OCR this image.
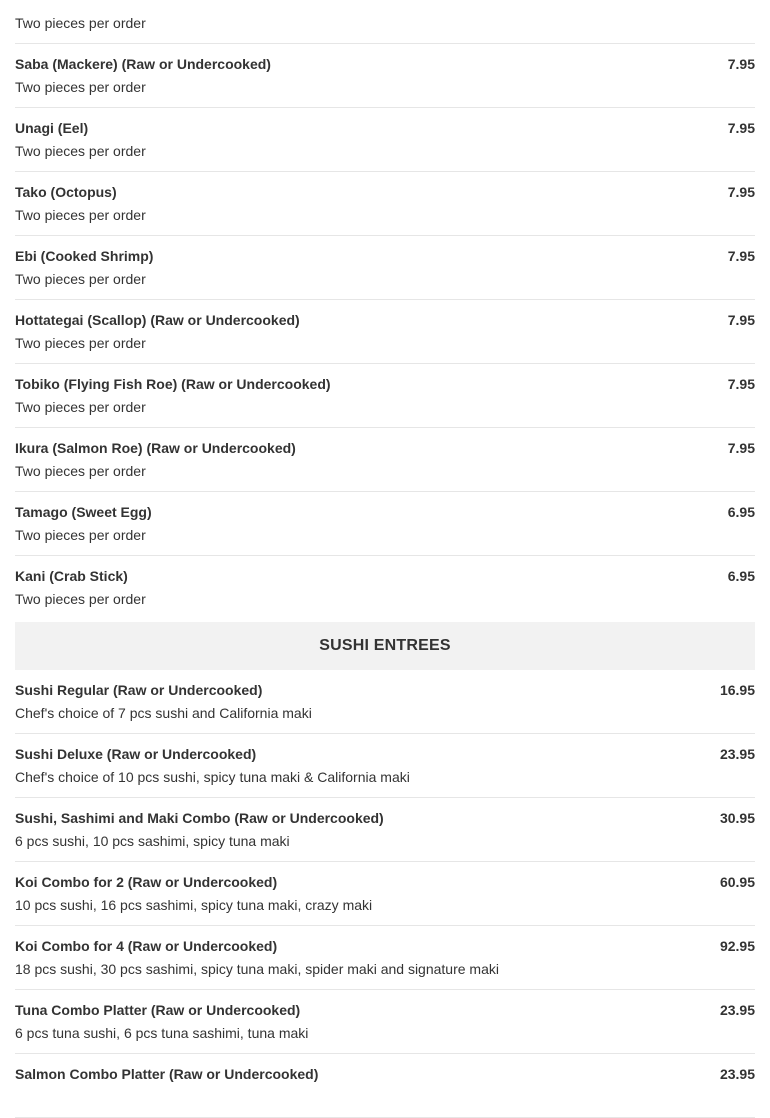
Two pieces per order
Saba (Mackere) (Raw or Undercooked)	7.95
Two pieces per order
Unagi (Eel)	7.95
Two pieces per order
Tako (Octopus)	7.95
Two pieces per order
Ebi (Cooked Shrimp)	7.95
Two pieces per order
Hottategai (Scallop) (Raw or Undercooked)	7.95
Two pieces per order
Tobiko (Flying Fish Roe) (Raw or Undercooked)	7.95
Two pieces per order
Ikura (Salmon Roe) (Raw or Undercooked)	7.95
Two pieces per order
Tamago (Sweet Egg)	6.95
Two pieces per order
Kani (Crab Stick)	6.95
Two pieces per order
SUSHI ENTREES
Sushi Regular (Raw or Undercooked)	16.95
Chef's choice of 7 pcs sushi and California maki
Sushi Deluxe (Raw or Undercooked)	23.95
Chef's choice of 10 pcs sushi, spicy tuna maki & California maki
Sushi, Sashimi and Maki Combo (Raw or Undercooked)	30.95
6 pcs sushi, 10 pcs sashimi, spicy tuna maki
Koi Combo for 2 (Raw or Undercooked)	60.95
10 pcs sushi, 16 pcs sashimi, spicy tuna maki, crazy maki
Koi Combo for 4 (Raw or Undercooked)	92.95
18 pcs sushi, 30 pcs sashimi, spicy tuna maki, spider maki and signature maki
Tuna Combo Platter (Raw or Undercooked)	23.95
6 pcs tuna sushi, 6 pcs tuna sashimi, tuna maki
Salmon Combo Platter (Raw or Undercooked)	23.95
